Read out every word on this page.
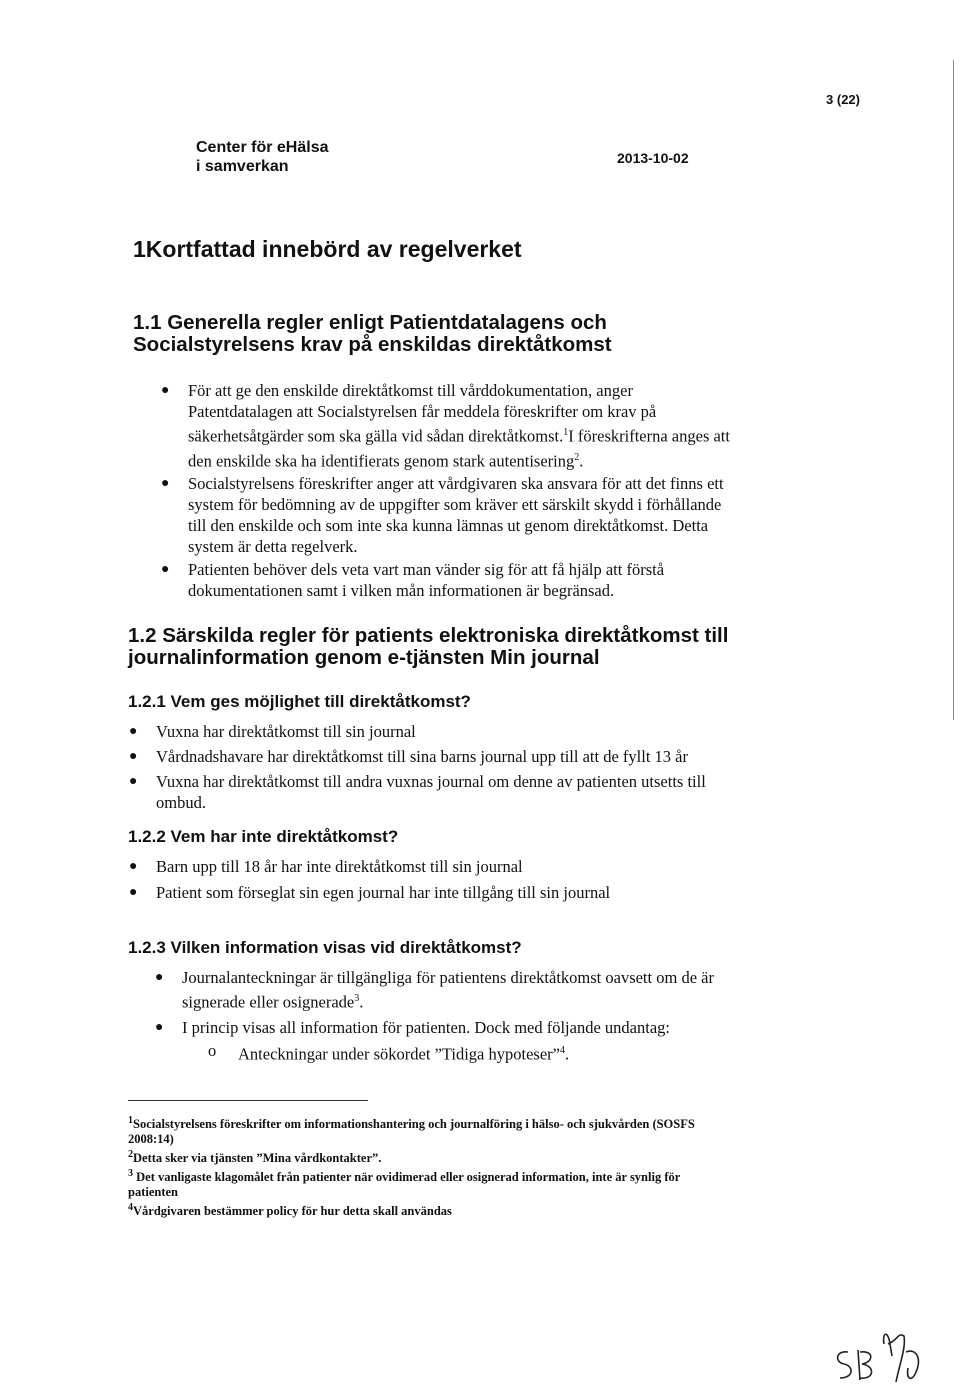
3 (22)
Center för eHälsa
i samverkan	2013-10-02
1Kortfattad innebörd av regelverket
1.1 Generella regler enligt Patientdatalagens och
Socialstyrelsens krav på enskildas direktåtkomst
● För att ge den enskilde direktåtkomst till vårddokumentation, anger
Patentdatalagen att Socialstyrelsen får meddela föreskrifter om krav på
säkerhetsåtgärder som ska gälla vid sådan direktåtkomst.$^1$I föreskrifterna anges att
den enskilde ska ha identifierats genom stark autentisering$^2$.
● Socialstyrelsens föreskrifter anger att vårdgivaren ska ansvara för att det finns ett
system för bedömning av de uppgifter som kräver ett särskilt skydd i förhållande
till den enskilde och som inte ska kunna lämnas ut genom direktåtkomst. Detta
system är detta regelverk.
● Patienten behöver dels veta vart man vänder sig för att få hjälp att förstå
dokumentationen samt i vilken mån informationen är begränsad.
1.2 Särskilda regler för patients elektroniska direktåtkomst till
journalinformation genom e-tjänsten Min journal
1.2.1 Vem ges möjlighet till direktåtkomst?
● Vuxna har direktåtkomst till sin journal
● Vårdnadshavare har direktåtkomst till sina barns journal upp till att de fyllt 13 år
● Vuxna har direktåtkomst till andra vuxnas journal om denne av patienten utsetts till
ombud.
1.2.2 Vem har inte direktåtkomst?
● Barn upp till 18 år har inte direktåtkomst till sin journal
● Patient som förseglat sin egen journal har inte tillgång till sin journal
1.2.3 Vilken information visas vid direktåtkomst?
● Journalanteckningar är tillgängliga för patientens direktåtkomst oavsett om de är
signerade eller osignerade$^3$.
● I princip visas all information för patienten. Dock med följande undantag:
o Anteckningar under sökordet ”Tidiga hypoteser”$^4$.
$^1$Socialstyrelsens föreskrifter om informationshantering och journalföring i hälso- och sjukvården (SOSFS
2008:14)
$^2$Detta sker via tjänsten ”Mina vårdkontakter”.
$^3$ Det vanligaste klagomålet från patienter när ovidimerad eller osignerad information, inte är synlig för
patienten
$^4$Vårdgivaren bestämmer policy för hur detta skall användas
